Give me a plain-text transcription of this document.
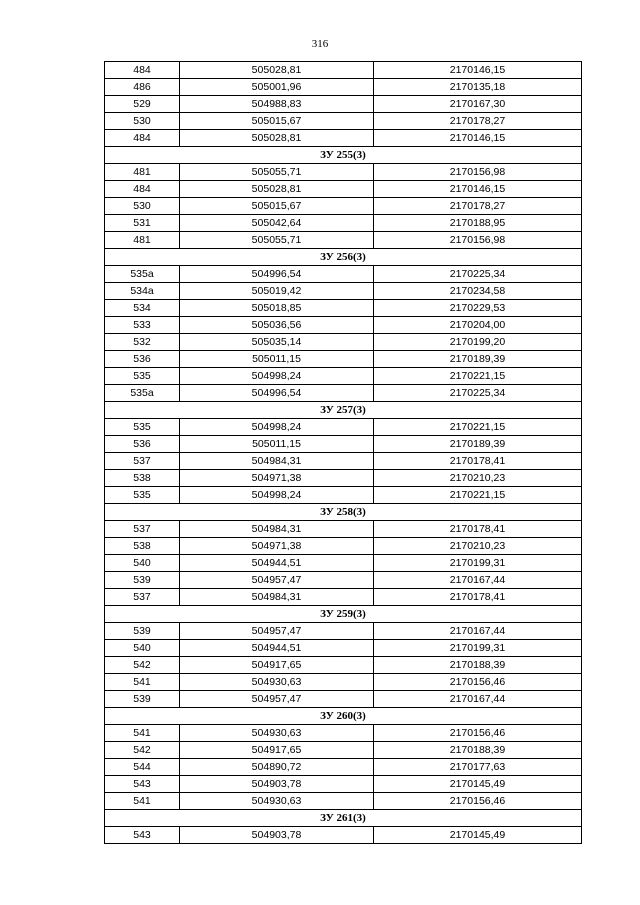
316
484	505028,81	2170146,15
486	505001,96	2170135,18
529	504988,83	2170167,30
530	505015,67	2170178,27
484	505028,81	2170146,15
ЗУ 255(3)		
481	505055,71	2170156,98
484	505028,81	2170146,15
530	505015,67	2170178,27
531	505042,64	2170188,95
481	505055,71	2170156,98
ЗУ 256(3)		
535a	504996,54	2170225,34
534a	505019,42	2170234,58
534	505018,85	2170229,53
533	505036,56	2170204,00
532	505035,14	2170199,20
536	505011,15	2170189,39
535	504998,24	2170221,15
535a	504996,54	2170225,34
ЗУ 257(3)		
535	504998,24	2170221,15
536	505011,15	2170189,39
537	504984,31	2170178,41
538	504971,38	2170210,23
535	504998,24	2170221,15
ЗУ 258(3)		
537	504984,31	2170178,41
538	504971,38	2170210,23
540	504944,51	2170199,31
539	504957,47	2170167,44
537	504984,31	2170178,41
ЗУ 259(3)		
539	504957,47	2170167,44
540	504944,51	2170199,31
542	504917,65	2170188,39
541	504930,63	2170156,46
539	504957,47	2170167,44
ЗУ 260(3)		
541	504930,63	2170156,46
542	504917,65	2170188,39
544	504890,72	2170177,63
543	504903,78	2170145,49
541	504930,63	2170156,46
ЗУ 261(3)		
543	504903,78	2170145,49
